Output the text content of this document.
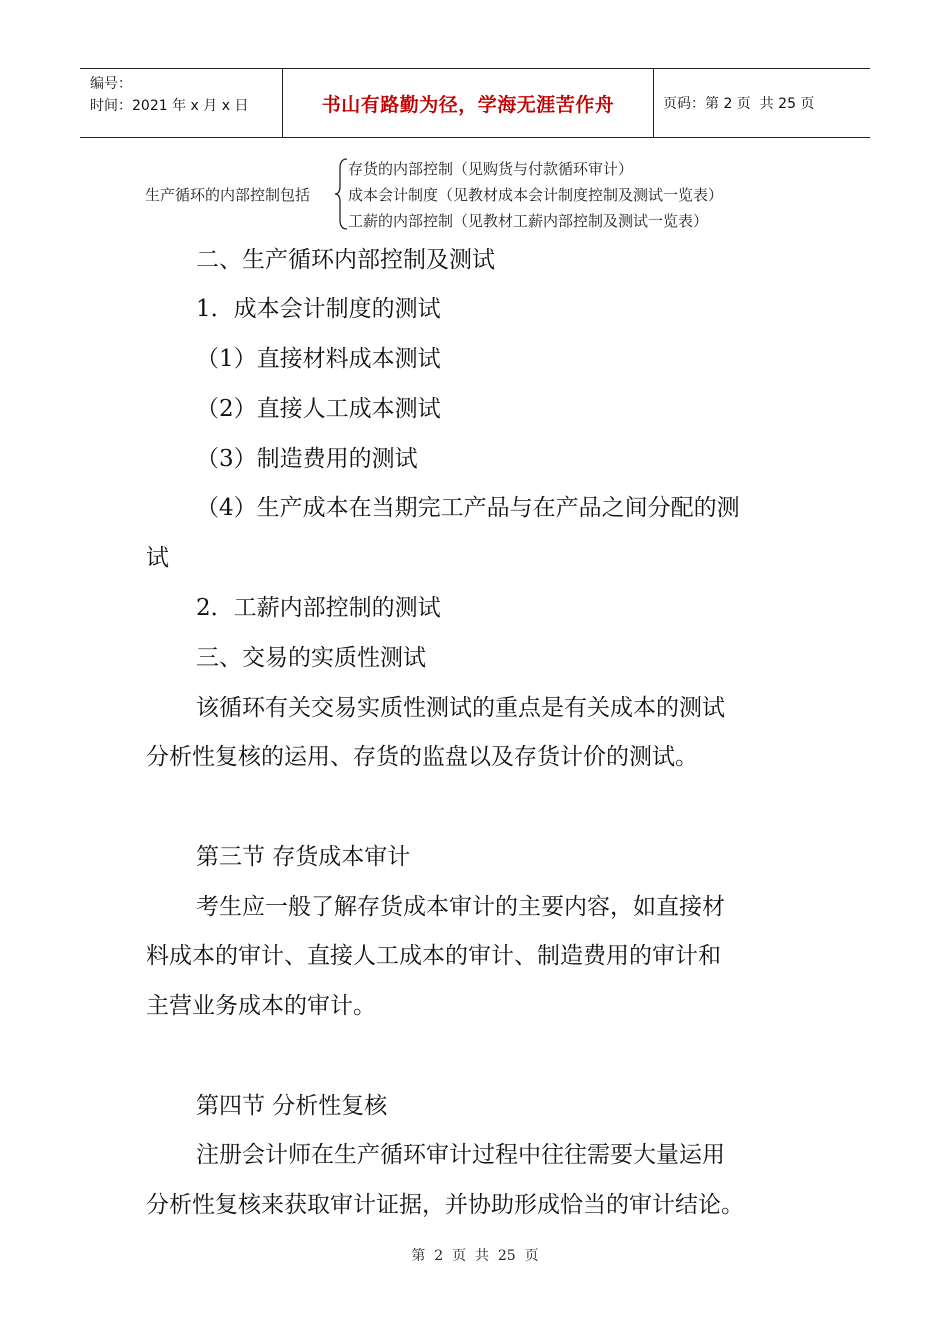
编号：
时间：2021 年 x 月 x 日	书山有路勤为径，学海无涯苦作舟	页码：第 2 页  共 25 页
生产循环的内部控制包括
存货的内部控制（见购货与付款循环审计）
成本会计制度（见教材成本会计制度控制及测试一览表）
工薪的内部控制（见教材工薪内部控制及测试一览表）
二、生产循环内部控制及测试
1．成本会计制度的测试
（1）直接材料成本测试
（2）直接人工成本测试
（3）制造费用的测试
（4）生产成本在当期完工产品与在产品之间分配的测
试
2．工薪内部控制的测试
三、交易的实质性测试
该循环有关交易实质性测试的重点是有关成本的测试
分析性复核的运用、存货的监盘以及存货计价的测试。
第三节 存货成本审计
考生应一般了解存货成本审计的主要内容，如直接材
料成本的审计、直接人工成本的审计、制造费用的审计和
主营业务成本的审计。
第四节 分析性复核
注册会计师在生产循环审计过程中往往需要大量运用
分析性复核来获取审计证据，并协助形成恰当的审计结论。
第  2  页  共  25  页
